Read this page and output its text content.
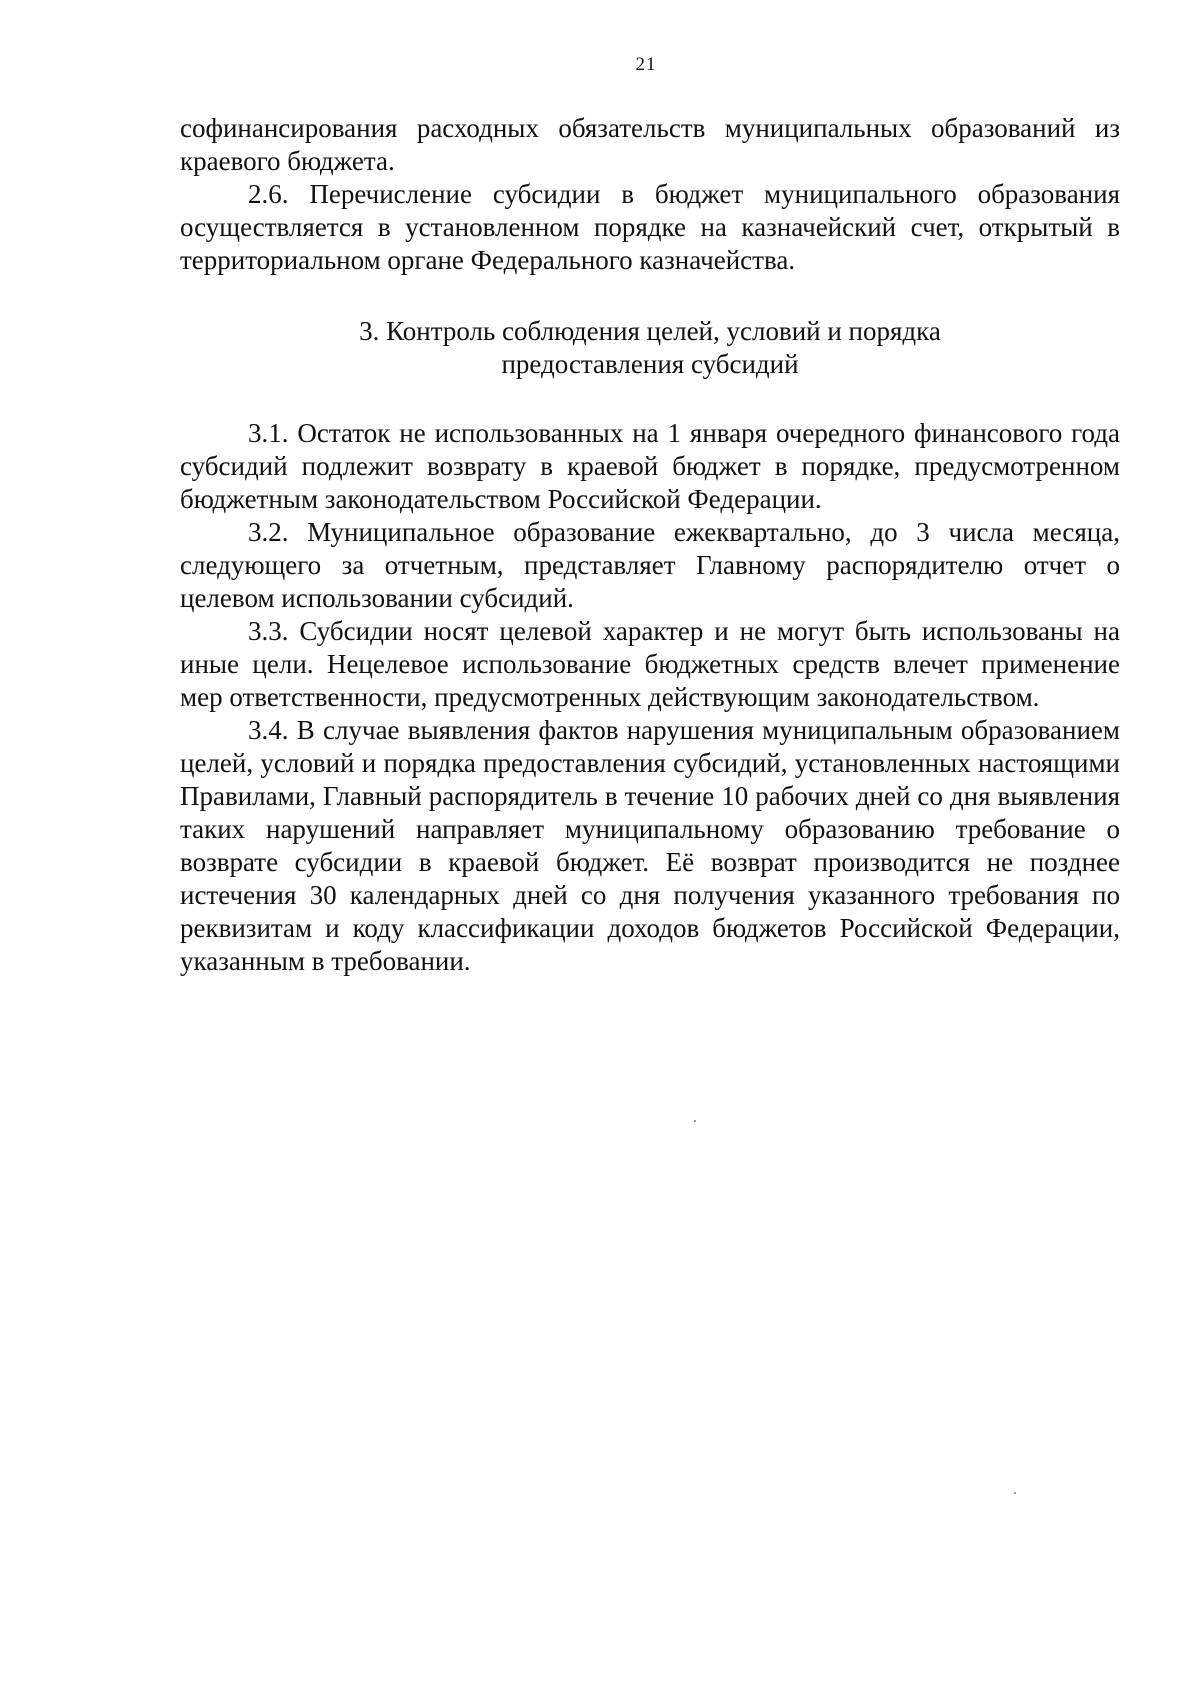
21

софинансирования расходных обязательств муниципальных образований из краевого бюджета.

2.6. Перечисление субсидии в бюджет муниципального образования осуществляется в установленном порядке на казначейский счет, открытый в территориальном органе Федерального казначейства.

3. Контроль соблюдения целей, условий и порядка
предоставления субсидий

3.1. Остаток не использованных на 1 января очередного финансового года субсидий подлежит возврату в краевой бюджет в порядке, предусмотренном бюджетным законодательством Российской Федерации.

3.2. Муниципальное образование ежеквартально, до 3 числа месяца, следующего за отчетным, представляет Главному распорядителю отчет о целевом использовании субсидий.

3.3. Субсидии носят целевой характер и не могут быть использованы на иные цели. Нецелевое использование бюджетных средств влечет применение мер ответственности, предусмотренных действующим законодательством.

3.4. В случае выявления фактов нарушения муниципальным образованием целей, условий и порядка предоставления субсидий, установленных настоящими Правилами, Главный распорядитель в течение 10 рабочих дней со дня выявления таких нарушений направляет муниципальному образованию требование о возврате субсидии в краевой бюджет. Её возврат производится не позднее истечения 30 календарных дней со дня получения указанного требования по реквизитам и коду классификации доходов бюджетов Российской Федерации, указанным в требовании.
